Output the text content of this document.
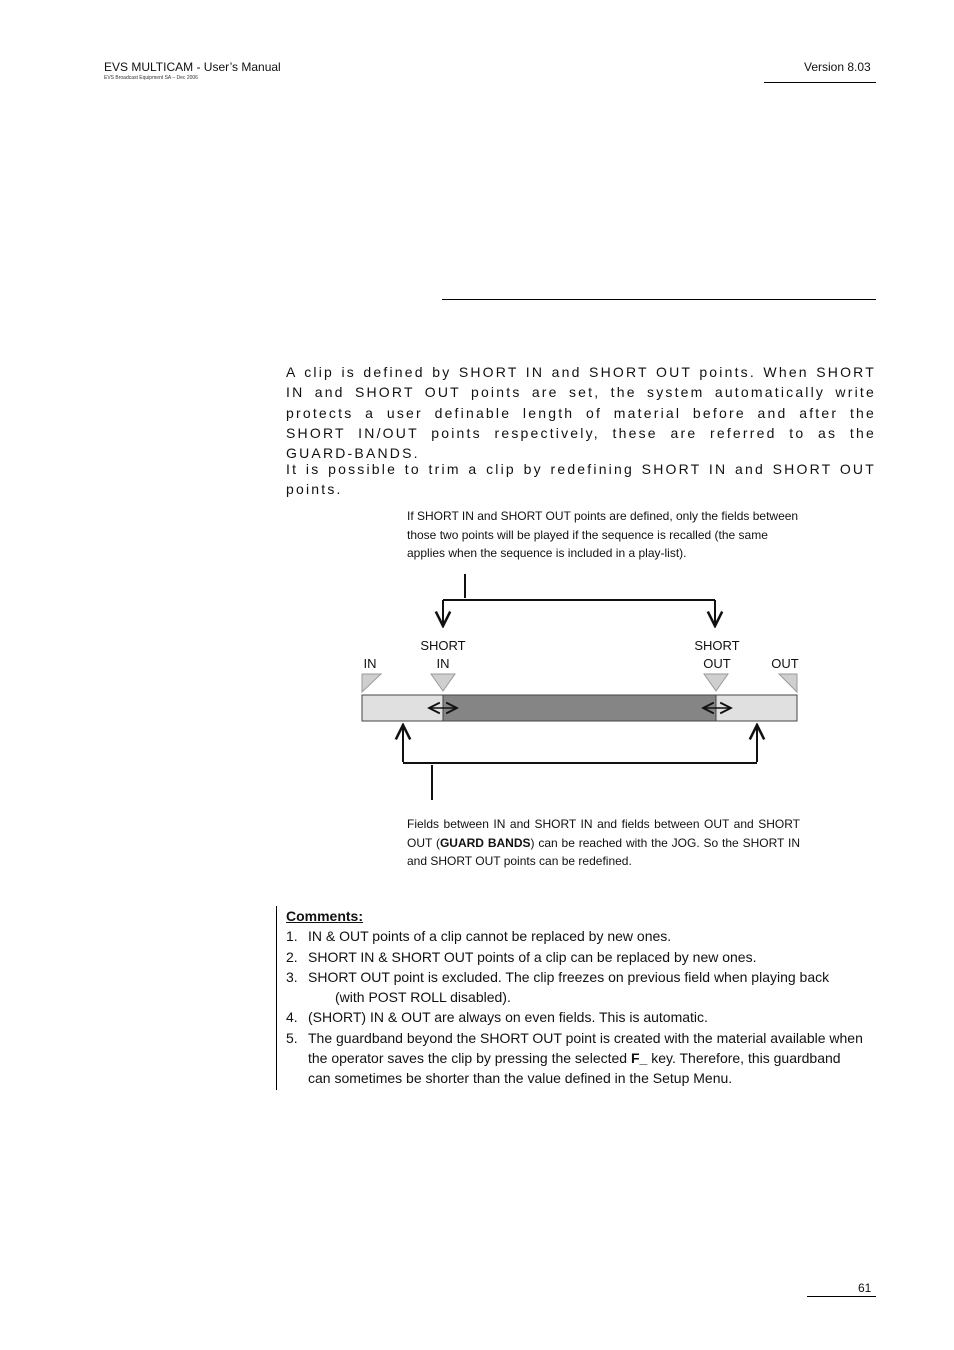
EVS MULTICAM - User’s Manual
EVS Broadcast Equipment SA – Dec 2006
Version 8.03
A clip is defined by SHORT IN and SHORT OUT points. When SHORT IN and SHORT OUT points are set, the system automatically write protects a user definable length of material before and after the SHORT IN/OUT points respectively, these are referred to as the GUARD-BANDS.
It is possible to trim a clip by redefining SHORT IN and SHORT OUT points.
If SHORT IN and SHORT OUT points are defined, only the fields between those two points will be played if the sequence is recalled (the same applies when the sequence is included in a play-list).
IN
SHORT
IN
SHORT
OUT	OUT
Fields between IN and SHORT IN and fields between OUT and SHORT OUT (GUARD BANDS) can be reached with the JOG. So the SHORT IN and SHORT OUT points can be redefined.
Comments:
1. IN & OUT points of a clip cannot be replaced by new ones.
2. SHORT IN & SHORT OUT points of a clip can be replaced by new ones.
3. SHORT OUT point is excluded. The clip freezes on previous field when playing back
(with POST ROLL disabled).
4. (SHORT) IN & OUT are always on even fields. This is automatic.
5. The guardband beyond the SHORT OUT point is created with the material available when the operator saves the clip by pressing the selected F_ key. Therefore, this guardband can sometimes be shorter than the value defined in the Setup Menu.
61
